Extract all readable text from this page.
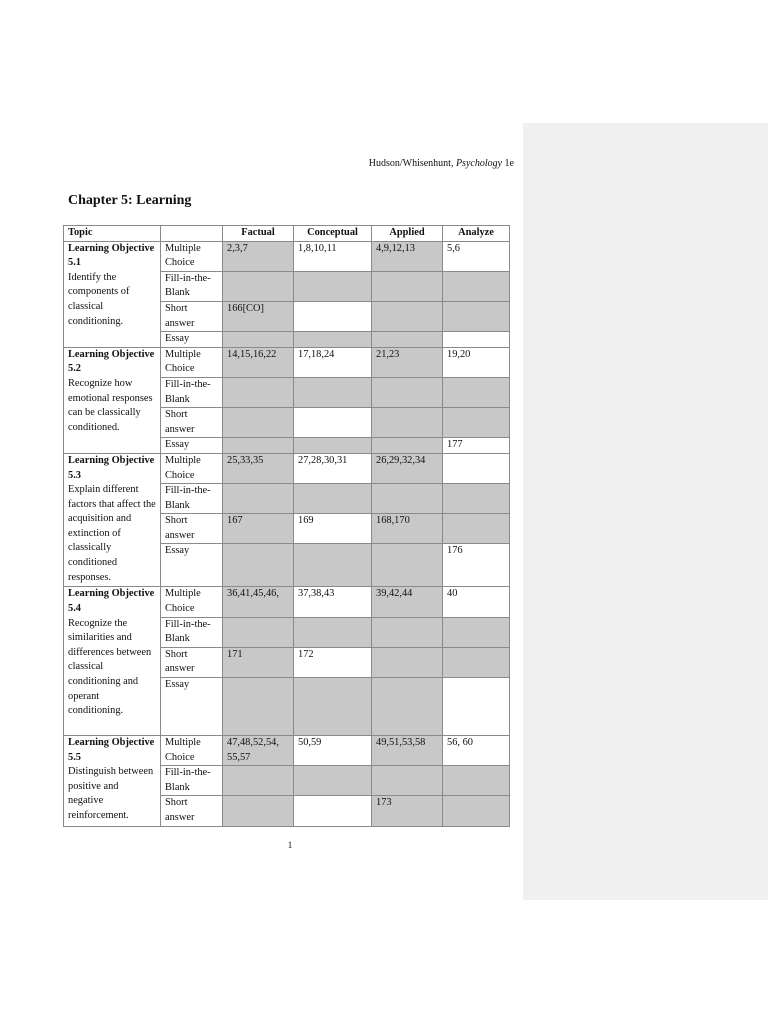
Hudson/Whisenhunt, Psychology 1e
Chapter 5: Learning
Topic		Factual	Conceptual	Applied	Analyze

Learning Objective 5.1
Identify the components of classical conditioning.	Multiple Choice	2,3,7	1,8,10,11	4,9,12,13	5,6
	Fill-in-the-Blank				
	Short answer	166[CO]			
	Essay				

Learning Objective 5.2
Recognize how emotional responses can be classically conditioned.	Multiple Choice	14,15,16,22	17,18,24	21,23	19,20
	Fill-in-the-Blank				
	Short answer				
	Essay				177

Learning Objective 5.3
Explain different factors that affect the acquisition and extinction of classically conditioned responses.	Multiple Choice	25,33,35	27,28,30,31	26,29,32,34	
	Fill-in-the-Blank				
	Short answer	167	169	168,170	
	Essay				176

Learning Objective 5.4
Recognize the similarities and differences between classical conditioning and operant conditioning.	Multiple Choice	36,41,45,46,	37,38,43	39,42,44	40
	Fill-in-the-Blank				
	Short answer	171	172		
	Essay				

Learning Objective 5.5
Distinguish between positive and negative reinforcement.	Multiple Choice	47,48,52,54, 55,57	50,59	49,51,53,58	56, 60
	Fill-in-the-Blank				
	Short answer			173	
1
